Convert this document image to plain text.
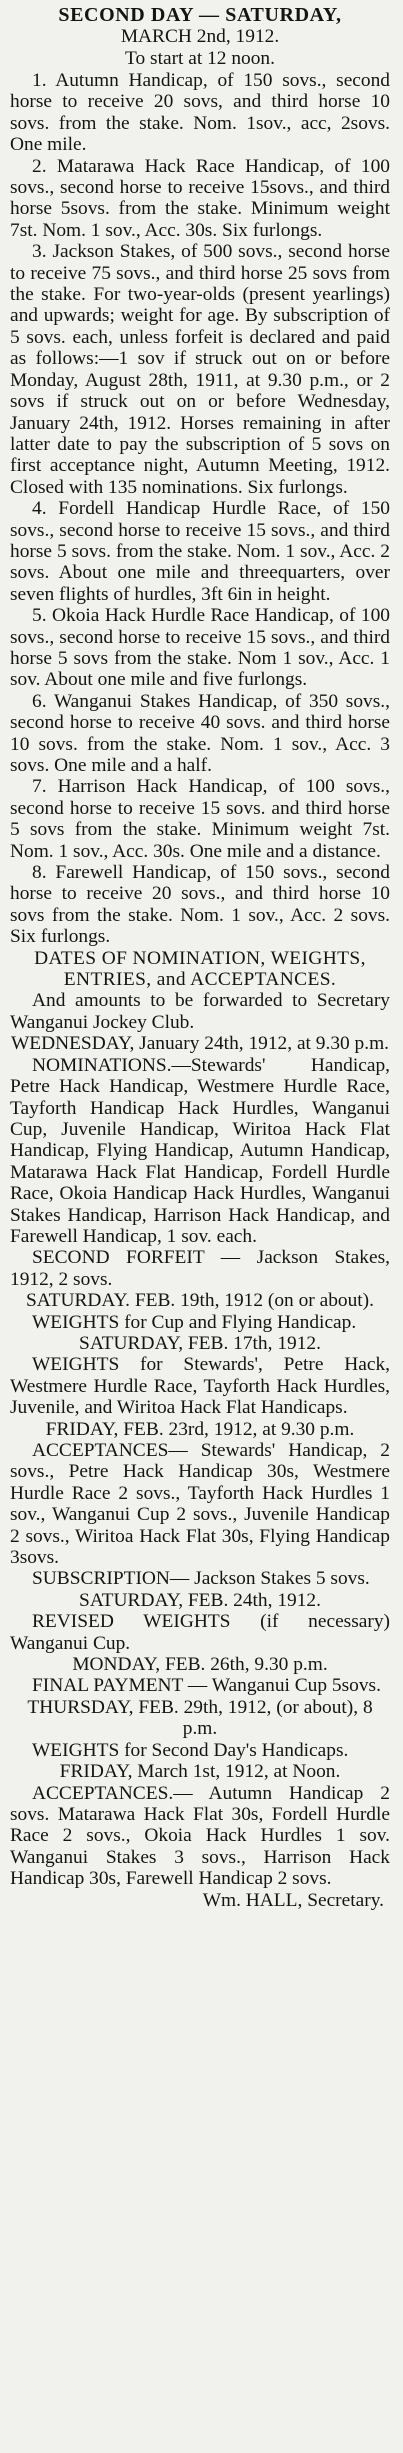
SECOND DAY — SATURDAY,

MARCH 2nd, 1912.

To start at 12 noon.

1. Autumn Handicap, of 150 sovs., second horse to receive 20 sovs, and third horse 10 sovs. from the stake. Nom. 1sov., acc, 2sovs. One mile.

2. Matarawa Hack Race Handicap, of 100 sovs., second horse to receive 15sovs., and third horse 5sovs. from the stake. Minimum weight 7st. Nom. 1 sov., Acc. 30s. Six furlongs.

3. Jackson Stakes, of 500 sovs., second horse to receive 75 sovs., and third horse 25 sovs from the stake. For two-year-olds (present yearlings) and upwards; weight for age. By subscription of 5 sovs. each, unless forfeit is declared and paid as follows:—1 sov if struck out on or before Monday, August 28th, 1911, at 9.30 p.m., or 2 sovs if struck out on or before Wednesday, January 24th, 1912. Horses remaining in after latter date to pay the subscription of 5 sovs on first acceptance night, Autumn Meeting, 1912. Closed with 135 nominations. Six furlongs.

4. Fordell Handicap Hurdle Race, of 150 sovs., second horse to receive 15 sovs., and third horse 5 sovs. from the stake. Nom. 1 sov., Acc. 2 sovs. About one mile and threequarters, over seven flights of hurdles, 3ft 6in in height.

5. Okoia Hack Hurdle Race Handicap, of 100 sovs., second horse to receive 15 sovs., and third horse 5 sovs from the stake. Nom 1 sov., Acc. 1 sov. About one mile and five furlongs.

6. Wanganui Stakes Handicap, of 350 sovs., second horse to receive 40 sovs. and third horse 10 sovs. from the stake. Nom. 1 sov., Acc. 3 sovs. One mile and a half.

7. Harrison Hack Handicap, of 100 sovs., second horse to receive 15 sovs. and third horse 5 sovs from the stake. Minimum weight 7st. Nom. 1 sov., Acc. 30s. One mile and a distance.

8. Farewell Handicap, of 150 sovs., second horse to receive 20 sovs., and third horse 10 sovs from the stake. Nom. 1 sov., Acc. 2 sovs. Six furlongs.

DATES OF NOMINATION, WEIGHTS, ENTRIES, and ACCEPTANCES.

And amounts to be forwarded to Secretary Wanganui Jockey Club.

WEDNESDAY, January 24th, 1912, at 9.30 p.m.

NOMINATIONS.—Stewards' Handicap, Petre Hack Handicap, Westmere Hurdle Race, Tayforth Handicap Hack Hurdles, Wanganui Cup, Juvenile Handicap, Wiritoa Hack Flat Handicap, Flying Handicap, Autumn Handicap, Matarawa Hack Flat Handicap, Fordell Hurdle Race, Okoia Handicap Hack Hurdles, Wanganui Stakes Handicap, Harrison Hack Handicap, and Farewell Handicap, 1 sov. each.

SECOND FORFEIT — Jackson Stakes, 1912, 2 sovs.

SATURDAY. FEB. 19th, 1912 (on or about).

WEIGHTS for Cup and Flying Handicap.

SATURDAY, FEB. 17th, 1912.

WEIGHTS for Stewards', Petre Hack, Westmere Hurdle Race, Tayforth Hack Hurdles, Juvenile, and Wiritoa Hack Flat Handicaps.

FRIDAY, FEB. 23rd, 1912, at 9.30 p.m.

ACCEPTANCES— Stewards' Handicap, 2 sovs., Petre Hack Handicap 30s, Westmere Hurdle Race 2 sovs., Tayforth Hack Hurdles 1 sov., Wanganui Cup 2 sovs., Juvenile Handicap 2 sovs., Wiritoa Hack Flat 30s, Flying Handicap 3sovs.

SUBSCRIPTION— Jackson Stakes 5 sovs.

SATURDAY, FEB. 24th, 1912.

REVISED WEIGHTS (if necessary) Wanganui Cup.

MONDAY, FEB. 26th, 9.30 p.m.

FINAL PAYMENT — Wanganui Cup 5sovs.

THURSDAY, FEB. 29th, 1912, (or about), 8 p.m.

WEIGHTS for Second Day's Handicaps.

FRIDAY, March 1st, 1912, at Noon.

ACCEPTANCES.— Autumn Handicap 2 sovs. Matarawa Hack Flat 30s, Fordell Hurdle Race 2 sovs., Okoia Hack Hurdles 1 sov. Wanganui Stakes 3 sovs., Harrison Hack Handicap 30s, Farewell Handicap 2 sovs.

Wm. HALL, Secretary.
